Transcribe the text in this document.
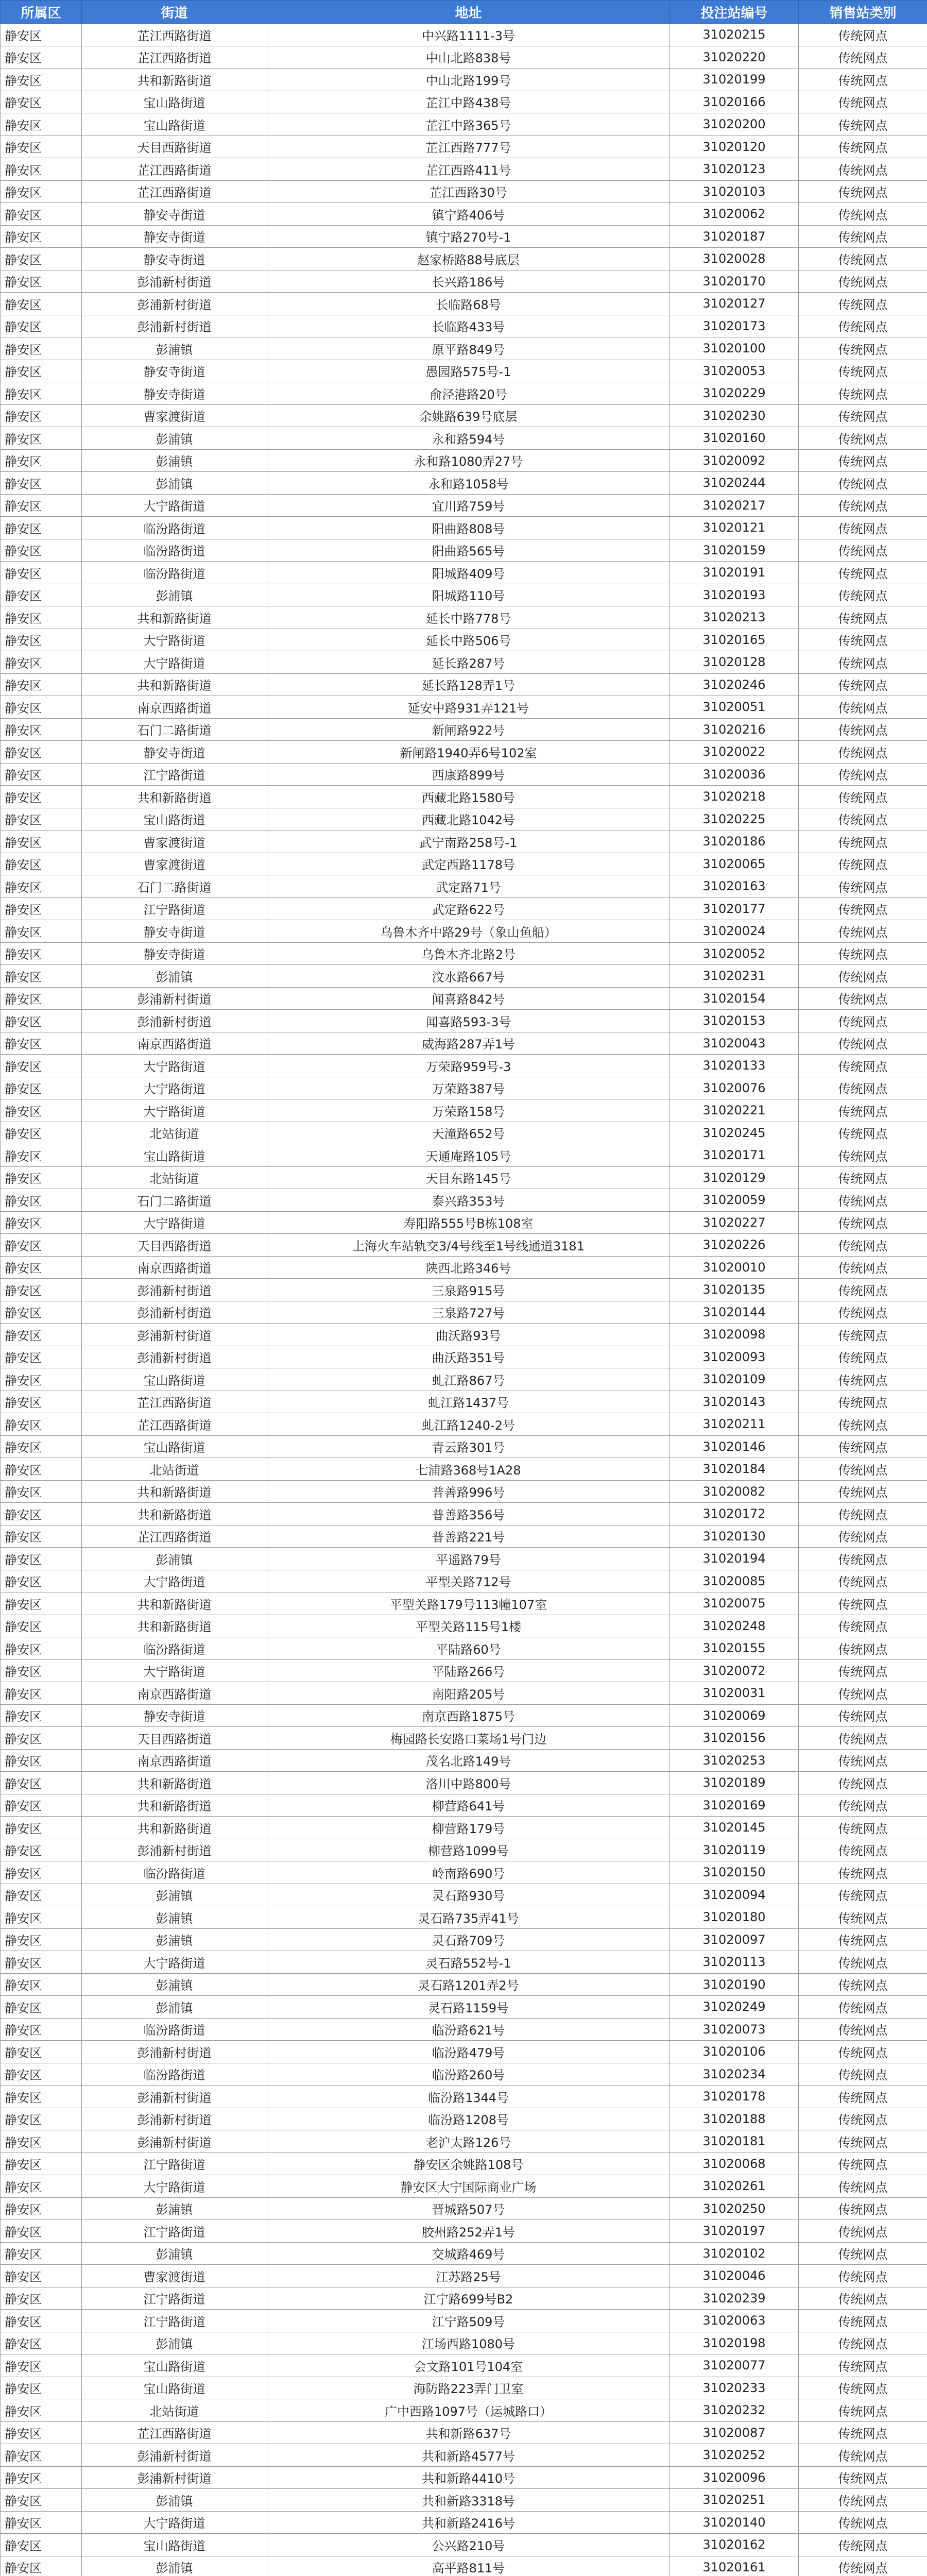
所属区	街道	地址	投注站编号	销售站类别
静安区	芷江西路街道	中兴路1111-3号	31020215	传统网点
静安区	芷江西路街道	中山北路838号	31020220	传统网点
静安区	共和新路街道	中山北路199号	31020199	传统网点
静安区	宝山路街道	芷江中路438号	31020166	传统网点
静安区	宝山路街道	芷江中路365号	31020200	传统网点
静安区	天目西路街道	芷江西路777号	31020120	传统网点
静安区	芷江西路街道	芷江西路411号	31020123	传统网点
静安区	芷江西路街道	芷江西路30号	31020103	传统网点
静安区	静安寺街道	镇宁路406号	31020062	传统网点
静安区	静安寺街道	镇宁路270号-1	31020187	传统网点
静安区	静安寺街道	赵家桥路88号底层	31020028	传统网点
静安区	彭浦新村街道	长兴路186号	31020170	传统网点
静安区	彭浦新村街道	长临路68号	31020127	传统网点
静安区	彭浦新村街道	长临路433号	31020173	传统网点
静安区	彭浦镇	原平路849号	31020100	传统网点
静安区	静安寺街道	愚园路575号-1	31020053	传统网点
静安区	静安寺街道	俞泾港路20号	31020229	传统网点
静安区	曹家渡街道	余姚路639号底层	31020230	传统网点
静安区	彭浦镇	永和路594号	31020160	传统网点
静安区	彭浦镇	永和路1080弄27号	31020092	传统网点
静安区	彭浦镇	永和路1058号	31020244	传统网点
静安区	大宁路街道	宜川路759号	31020217	传统网点
静安区	临汾路街道	阳曲路808号	31020121	传统网点
静安区	临汾路街道	阳曲路565号	31020159	传统网点
静安区	临汾路街道	阳城路409号	31020191	传统网点
静安区	彭浦镇	阳城路110号	31020193	传统网点
静安区	共和新路街道	延长中路778号	31020213	传统网点
静安区	大宁路街道	延长中路506号	31020165	传统网点
静安区	大宁路街道	延长路287号	31020128	传统网点
静安区	共和新路街道	延长路128弄1号	31020246	传统网点
静安区	南京西路街道	延安中路931弄121号	31020051	传统网点
静安区	石门二路街道	新闸路922号	31020216	传统网点
静安区	静安寺街道	新闸路1940弄6号102室	31020022	传统网点
静安区	江宁路街道	西康路899号	31020036	传统网点
静安区	共和新路街道	西藏北路1580号	31020218	传统网点
静安区	宝山路街道	西藏北路1042号	31020225	传统网点
静安区	曹家渡街道	武宁南路258号-1	31020186	传统网点
静安区	曹家渡街道	武定西路1178号	31020065	传统网点
静安区	石门二路街道	武定路71号	31020163	传统网点
静安区	江宁路街道	武定路622号	31020177	传统网点
静安区	静安寺街道	乌鲁木齐中路29号（象山鱼船）	31020024	传统网点
静安区	静安寺街道	乌鲁木齐北路2号	31020052	传统网点
静安区	彭浦镇	汶水路667号	31020231	传统网点
静安区	彭浦新村街道	闻喜路842号	31020154	传统网点
静安区	彭浦新村街道	闻喜路593-3号	31020153	传统网点
静安区	南京西路街道	威海路287弄1号	31020043	传统网点
静安区	大宁路街道	万荣路959号-3	31020133	传统网点
静安区	大宁路街道	万荣路387号	31020076	传统网点
静安区	大宁路街道	万荣路158号	31020221	传统网点
静安区	北站街道	天潼路652号	31020245	传统网点
静安区	宝山路街道	天通庵路105号	31020171	传统网点
静安区	北站街道	天目东路145号	31020129	传统网点
静安区	石门二路街道	泰兴路353号	31020059	传统网点
静安区	大宁路街道	寿阳路555号B栋108室	31020227	传统网点
静安区	天目西路街道	上海火车站轨交3/4号线至1号线通道3181	31020226	传统网点
静安区	南京西路街道	陕西北路346号	31020010	传统网点
静安区	彭浦新村街道	三泉路915号	31020135	传统网点
静安区	彭浦新村街道	三泉路727号	31020144	传统网点
静安区	彭浦新村街道	曲沃路93号	31020098	传统网点
静安区	彭浦新村街道	曲沃路351号	31020093	传统网点
静安区	宝山路街道	虬江路867号	31020109	传统网点
静安区	芷江西路街道	虬江路1437号	31020143	传统网点
静安区	芷江西路街道	虬江路1240-2号	31020211	传统网点
静安区	宝山路街道	青云路301号	31020146	传统网点
静安区	北站街道	七浦路368号1A28	31020184	传统网点
静安区	共和新路街道	普善路996号	31020082	传统网点
静安区	共和新路街道	普善路356号	31020172	传统网点
静安区	芷江西路街道	普善路221号	31020130	传统网点
静安区	彭浦镇	平遥路79号	31020194	传统网点
静安区	大宁路街道	平型关路712号	31020085	传统网点
静安区	共和新路街道	平型关路179号113幢107室	31020075	传统网点
静安区	共和新路街道	平型关路115号1楼	31020248	传统网点
静安区	临汾路街道	平陆路60号	31020155	传统网点
静安区	大宁路街道	平陆路266号	31020072	传统网点
静安区	南京西路街道	南阳路205号	31020031	传统网点
静安区	静安寺街道	南京西路1875号	31020069	传统网点
静安区	天目西路街道	梅园路长安路口菜场1号门边	31020156	传统网点
静安区	南京西路街道	茂名北路149号	31020253	传统网点
静安区	共和新路街道	洛川中路800号	31020189	传统网点
静安区	共和新路街道	柳营路641号	31020169	传统网点
静安区	共和新路街道	柳营路179号	31020145	传统网点
静安区	彭浦新村街道	柳营路1099号	31020119	传统网点
静安区	临汾路街道	岭南路690号	31020150	传统网点
静安区	彭浦镇	灵石路930号	31020094	传统网点
静安区	彭浦镇	灵石路735弄41号	31020180	传统网点
静安区	彭浦镇	灵石路709号	31020097	传统网点
静安区	大宁路街道	灵石路552号-1	31020113	传统网点
静安区	彭浦镇	灵石路1201弄2号	31020190	传统网点
静安区	彭浦镇	灵石路1159号	31020249	传统网点
静安区	临汾路街道	临汾路621号	31020073	传统网点
静安区	彭浦新村街道	临汾路479号	31020106	传统网点
静安区	临汾路街道	临汾路260号	31020234	传统网点
静安区	彭浦新村街道	临汾路1344号	31020178	传统网点
静安区	彭浦新村街道	临汾路1208号	31020188	传统网点
静安区	彭浦新村街道	老沪太路126号	31020181	传统网点
静安区	江宁路街道	静安区余姚路108号	31020068	传统网点
静安区	大宁路街道	静安区大宁国际商业广场	31020261	传统网点
静安区	彭浦镇	晋城路507号	31020250	传统网点
静安区	江宁路街道	胶州路252弄1号	31020197	传统网点
静安区	彭浦镇	交城路469号	31020102	传统网点
静安区	曹家渡街道	江苏路25号	31020046	传统网点
静安区	江宁路街道	江宁路699号B2	31020239	传统网点
静安区	江宁路街道	江宁路509号	31020063	传统网点
静安区	彭浦镇	江场西路1080号	31020198	传统网点
静安区	宝山路街道	会文路101号104室	31020077	传统网点
静安区	宝山路街道	海防路223弄门卫室	31020233	传统网点
静安区	北站街道	广中西路1097号（运城路口）	31020232	传统网点
静安区	芷江西路街道	共和新路637号	31020087	传统网点
静安区	彭浦新村街道	共和新路4577号	31020252	传统网点
静安区	彭浦新村街道	共和新路4410号	31020096	传统网点
静安区	彭浦镇	共和新路3318号	31020251	传统网点
静安区	大宁路街道	共和新路2416号	31020140	传统网点
静安区	宝山路街道	公兴路210号	31020162	传统网点
静安区	彭浦镇	高平路811号	31020161	传统网点
